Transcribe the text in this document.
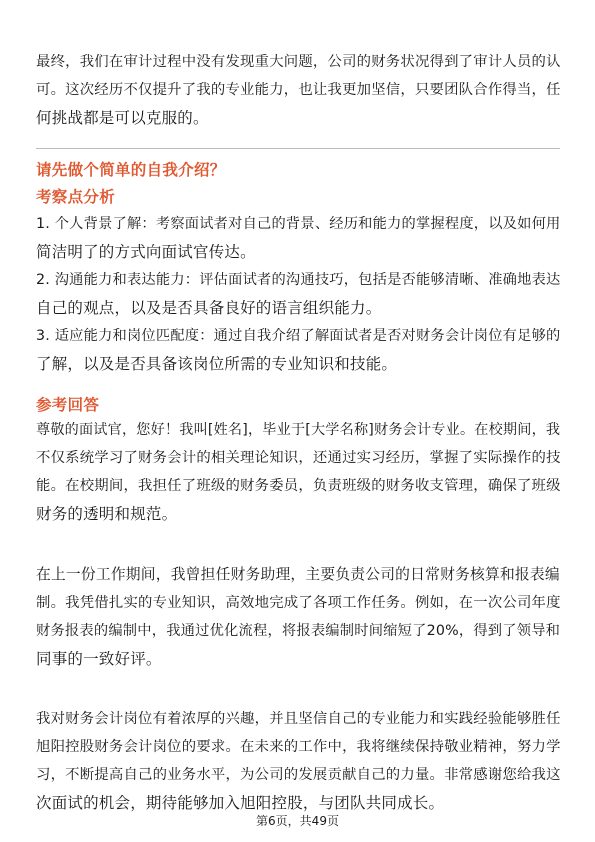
最终，我们在审计过程中没有发现重大问题，公司的财务状况得到了审计人员的认
可。这次经历不仅提升了我的专业能力，也让我更加坚信，只要团队合作得当，任
何挑战都是可以克服的。
请先做个简单的自我介绍？
考察点分析
1. 个人背景了解：考察面试者对自己的背景、经历和能力的掌握程度，以及如何用
简洁明了的方式向面试官传达。
2. 沟通能力和表达能力：评估面试者的沟通技巧，包括是否能够清晰、准确地表达
自己的观点，以及是否具备良好的语言组织能力。
3. 适应能力和岗位匹配度：通过自我介绍了解面试者是否对财务会计岗位有足够的
了解，以及是否具备该岗位所需的专业知识和技能。
参考回答
尊敬的面试官，您好！我叫[姓名]，毕业于[大学名称]财务会计专业。在校期间，我
不仅系统学习了财务会计的相关理论知识，还通过实习经历，掌握了实际操作的技
能。在校期间，我担任了班级的财务委员，负责班级的财务收支管理，确保了班级
财务的透明和规范。
在上一份工作期间，我曾担任财务助理，主要负责公司的日常财务核算和报表编
制。我凭借扎实的专业知识，高效地完成了各项工作任务。例如，在一次公司年度
财务报表的编制中，我通过优化流程，将报表编制时间缩短了20%，得到了领导和
同事的一致好评。
我对财务会计岗位有着浓厚的兴趣，并且坚信自己的专业能力和实践经验能够胜任
旭阳控股财务会计岗位的要求。在未来的工作中，我将继续保持敬业精神，努力学
习，不断提高自己的业务水平，为公司的发展贡献自己的力量。非常感谢您给我这
次面试的机会，期待能够加入旭阳控股，与团队共同成长。
第6页，共49页
